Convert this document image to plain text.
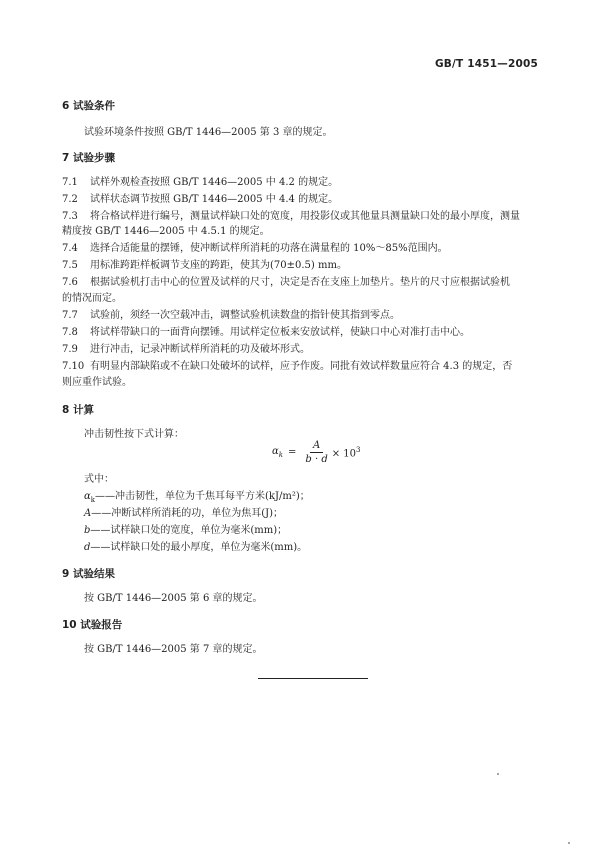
GB/T 1451—2005
6 试验条件
试验环境条件按照 GB/T 1446—2005 第 3 章的规定。
7 试验步骤
7.1 试样外观检查按照 GB/T 1446—2005 中 4.2 的规定。
7.2 试样状态调节按照 GB/T 1446—2005 中 4.4 的规定。
7.3 将合格试样进行编号，测量试样缺口处的宽度，用投影仪或其他量具测量缺口处的最小厚度，测量
精度按 GB/T 1446—2005 中 4.5.1 的规定。
7.4 选择合适能量的摆锤，使冲断试样所消耗的功落在满量程的 10%～85%范围内。
7.5 用标准跨距样板调节支座的跨距，使其为(70±0.5) mm。
7.6 根据试验机打击中心的位置及试样的尺寸，决定是否在支座上加垫片。垫片的尺寸应根据试验机
的情况而定。
7.7 试验前，须经一次空载冲击，调整试验机读数盘的指针使其指到零点。
7.8 将试样带缺口的一面背向摆锤。用试样定位板来安放试样，使缺口中心对准打击中心。
7.9 进行冲击，记录冲断试样所消耗的功及破坏形式。
7.10 有明显内部缺陷或不在缺口处破坏的试样，应予作废。同批有效试样数量应符合 4.3 的规定，否
则应重作试验。
8 计算
冲击韧性按下式计算：
$\alpha_k = \frac{A}{b \cdot d} \times 10^3$
式中：
$\alpha_k——$冲击韧性，单位为千焦耳每平方米(kJ/m²)；
A——冲断试样所消耗的功，单位为焦耳(J)；
b——试样缺口处的宽度，单位为毫米(mm)；
d——试样缺口处的最小厚度，单位为毫米(mm)。
9 试验结果
按 GB/T 1446—2005 第 6 章的规定。
10 试验报告
按 GB/T 1446—2005 第 7 章的规定。
